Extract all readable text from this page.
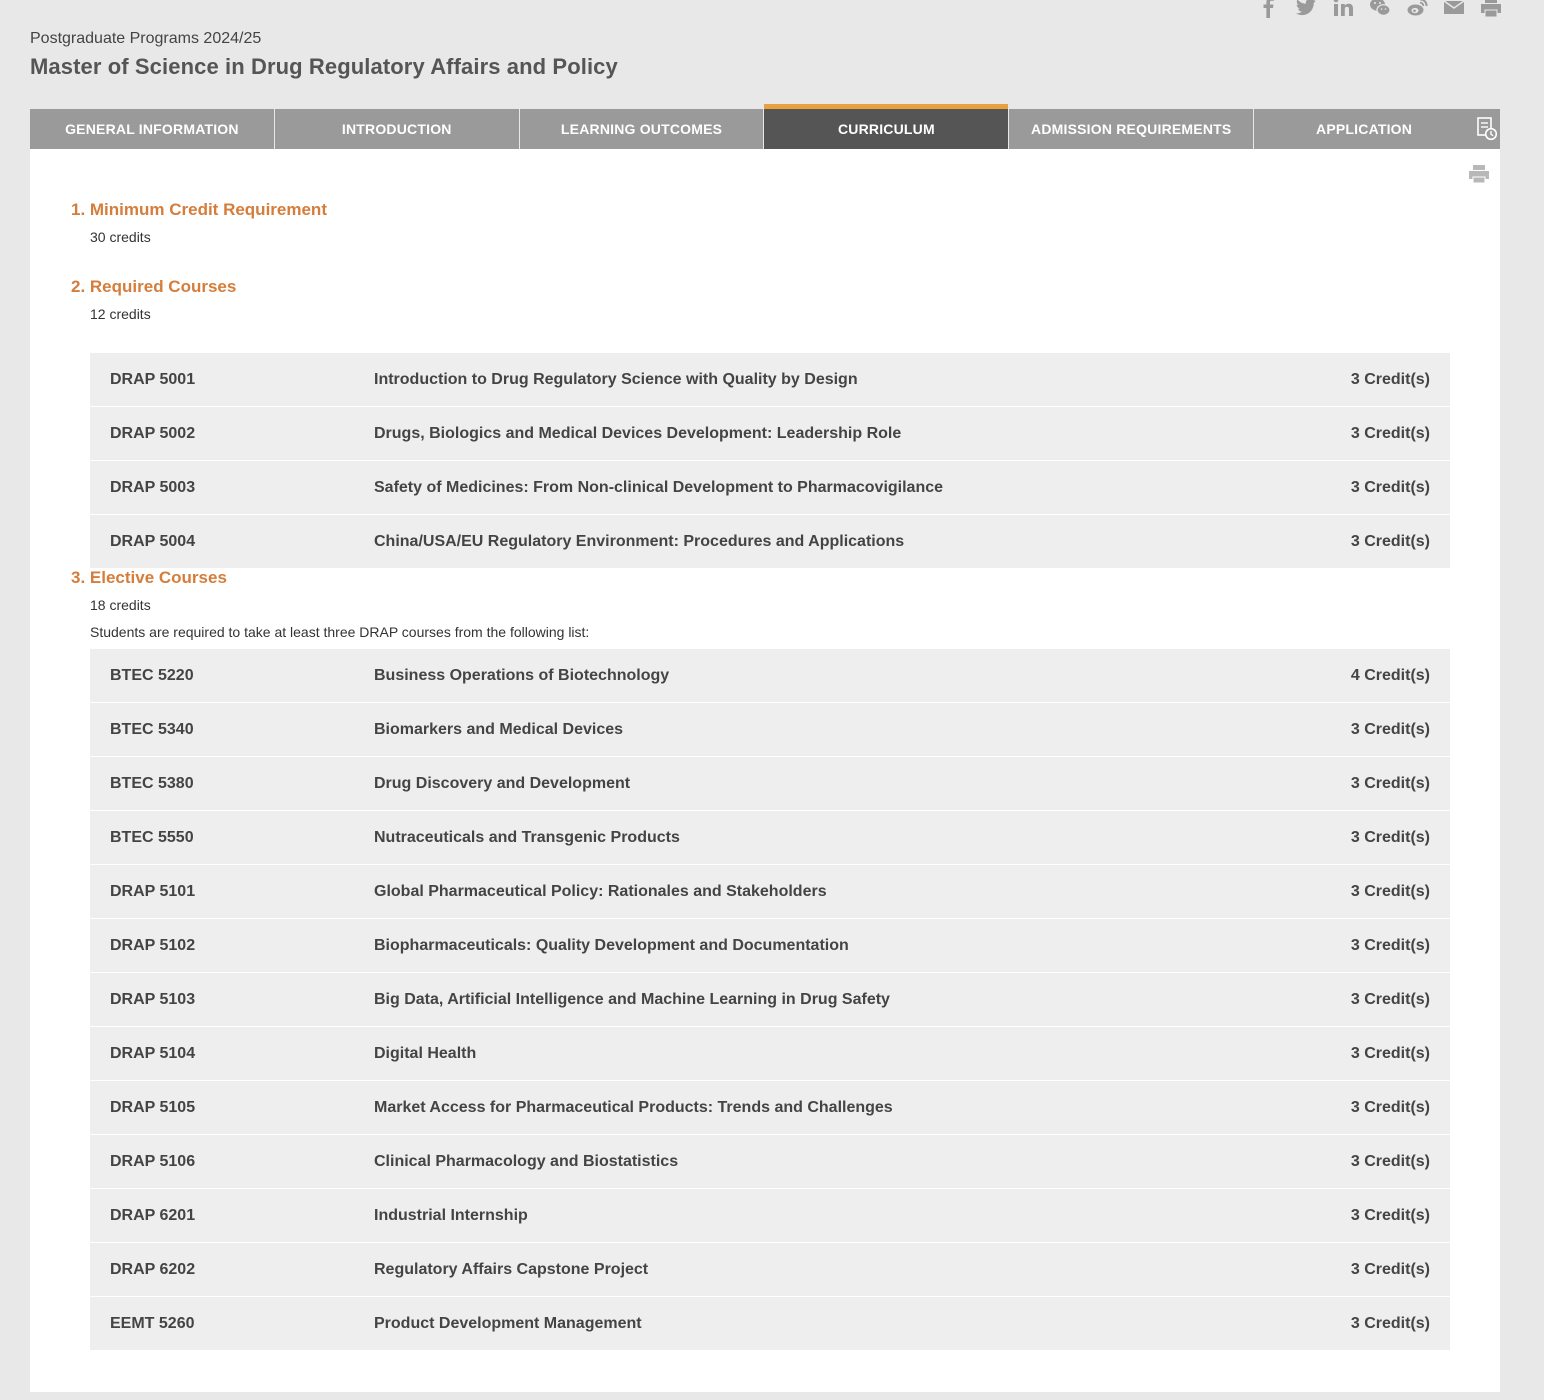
Postgraduate Programs 2024/25
Master of Science in Drug Regulatory Affairs and Policy
GENERAL INFORMATION	INTRODUCTION	LEARNING OUTCOMES	CURRICULUM	ADMISSION REQUIREMENTS	APPLICATION
1. Minimum Credit Requirement
30 credits
2. Required Courses
12 credits
DRAP 5001	Introduction to Drug Regulatory Science with Quality by Design	3 Credit(s)
DRAP 5002	Drugs, Biologics and Medical Devices Development: Leadership Role	3 Credit(s)
DRAP 5003	Safety of Medicines: From Non-clinical Development to Pharmacovigilance	3 Credit(s)
DRAP 5004	China/USA/EU Regulatory Environment: Procedures and Applications	3 Credit(s)
3. Elective Courses
18 credits
Students are required to take at least three DRAP courses from the following list:
BTEC 5220	Business Operations of Biotechnology	4 Credit(s)
BTEC 5340	Biomarkers and Medical Devices	3 Credit(s)
BTEC 5380	Drug Discovery and Development	3 Credit(s)
BTEC 5550	Nutraceuticals and Transgenic Products	3 Credit(s)
DRAP 5101	Global Pharmaceutical Policy: Rationales and Stakeholders	3 Credit(s)
DRAP 5102	Biopharmaceuticals: Quality Development and Documentation	3 Credit(s)
DRAP 5103	Big Data, Artificial Intelligence and Machine Learning in Drug Safety	3 Credit(s)
DRAP 5104	Digital Health	3 Credit(s)
DRAP 5105	Market Access for Pharmaceutical Products: Trends and Challenges	3 Credit(s)
DRAP 5106	Clinical Pharmacology and Biostatistics	3 Credit(s)
DRAP 6201	Industrial Internship	3 Credit(s)
DRAP 6202	Regulatory Affairs Capstone Project	3 Credit(s)
EEMT 5260	Product Development Management	3 Credit(s)
